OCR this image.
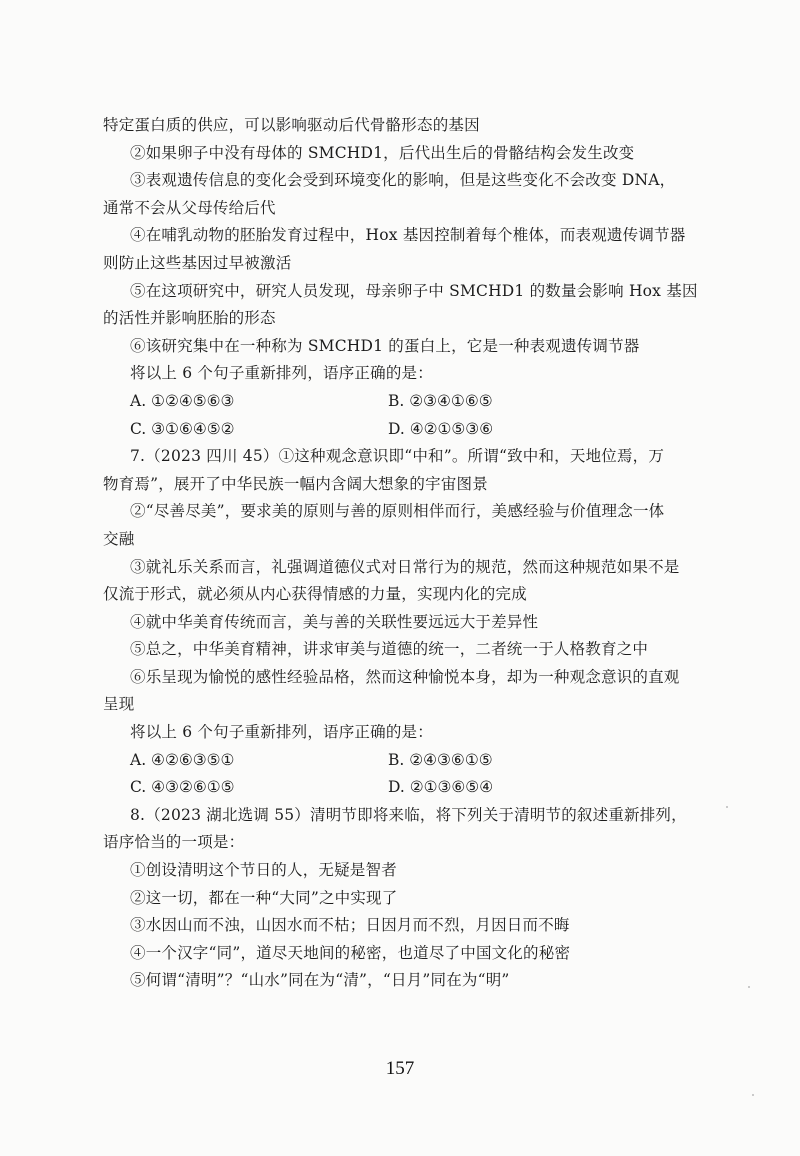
特定蛋白质的供应，可以影响驱动后代骨骼形态的基因
②如果卵子中没有母体的 SMCHD1，后代出生后的骨骼结构会发生改变
③表观遗传信息的变化会受到环境变化的影响，但是这些变化不会改变 DNA，
通常不会从父母传给后代
④在哺乳动物的胚胎发育过程中，Hox 基因控制着每个椎体，而表观遗传调节器
则防止这些基因过早被激活
⑤在这项研究中，研究人员发现，母亲卵子中 SMCHD1 的数量会影响 Hox 基因
的活性并影响胚胎的形态
⑥该研究集中在一种称为 SMCHD1 的蛋白上，它是一种表观遗传调节器
将以上 6 个句子重新排列，语序正确的是：
A. ①②④⑤⑥③	B. ②③④①⑥⑤
C. ③①⑥④⑤②	D. ④②①⑤③⑥
7.（2023 四川 45）①这种观念意识即“中和”。所谓“致中和，天地位焉，万
物育焉”，展开了中华民族一幅内含阔大想象的宇宙图景
②“尽善尽美”，要求美的原则与善的原则相伴而行，美感经验与价值理念一体
交融
③就礼乐关系而言，礼强调道德仪式对日常行为的规范，然而这种规范如果不是
仅流于形式，就必须从内心获得情感的力量，实现内化的完成
④就中华美育传统而言，美与善的关联性要远远大于差异性
⑤总之，中华美育精神，讲求审美与道德的统一，二者统一于人格教育之中
⑥乐呈现为愉悦的感性经验品格，然而这种愉悦本身，却为一种观念意识的直观
呈现
将以上 6 个句子重新排列，语序正确的是：
A. ④②⑥③⑤①	B. ②④③⑥①⑤
C. ④③②⑥①⑤	D. ②①③⑥⑤④
8.（2023 湖北选调 55）清明节即将来临，将下列关于清明节的叙述重新排列，
语序恰当的一项是：
①创设清明这个节日的人，无疑是智者
②这一切，都在一种“大同”之中实现了
③水因山而不浊，山因水而不枯；日因月而不烈，月因日而不晦
④一个汉字“同”，道尽天地间的秘密，也道尽了中国文化的秘密
⑤何谓“清明”？“山水”同在为“清”，“日月”同在为“明”
157
